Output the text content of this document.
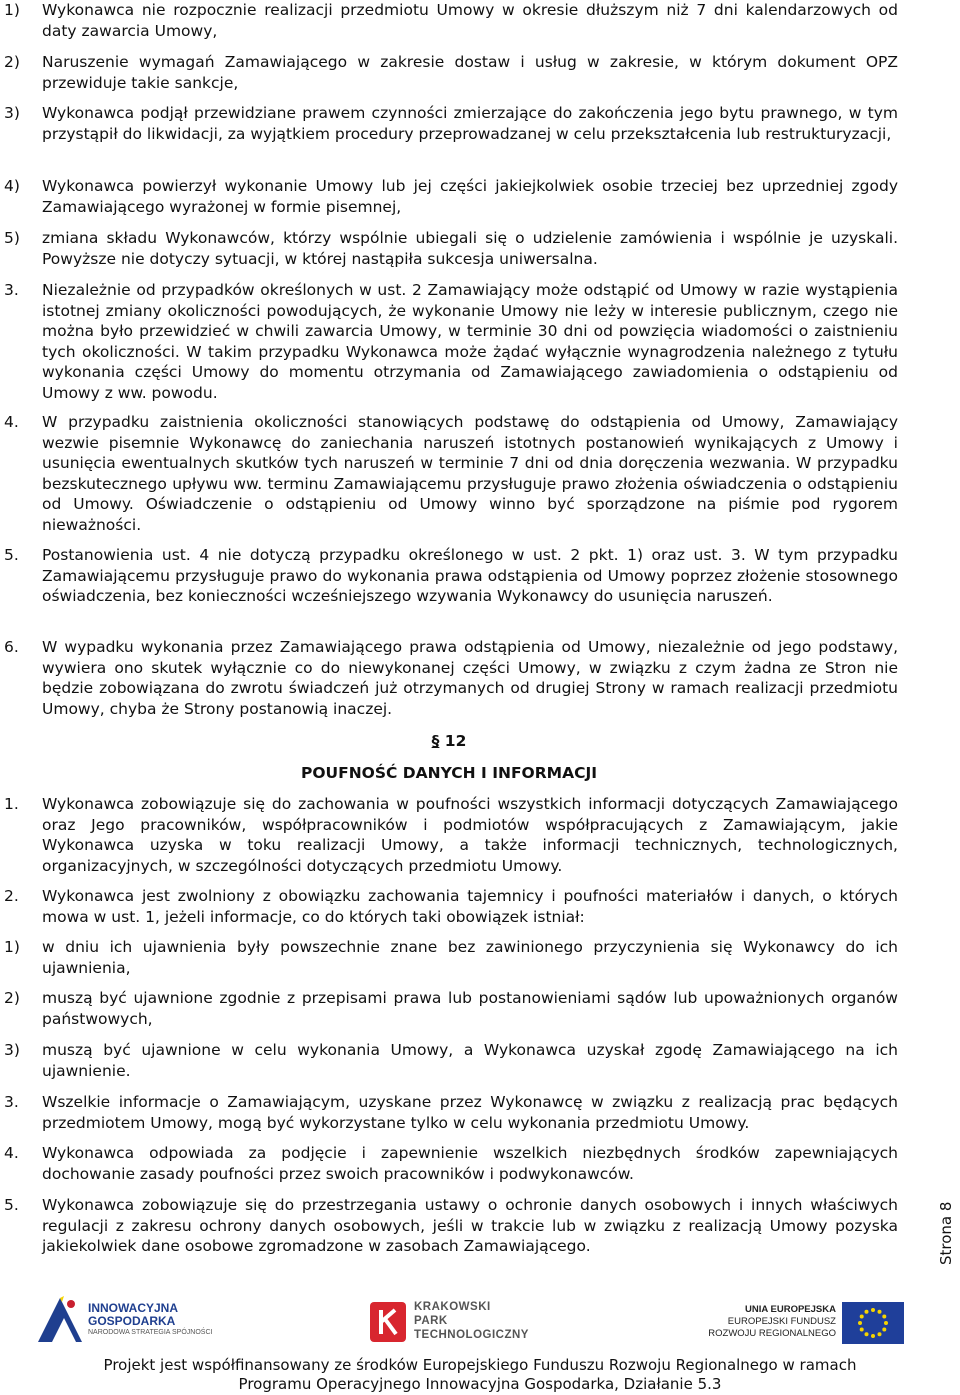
1) Wykonawca nie rozpocznie realizacji przedmiotu Umowy w okresie dłuższym niż 7 dni kalendarzowych od daty zawarcia Umowy,
2) Naruszenie wymagań Zamawiającego w zakresie dostaw i usług w zakresie, w którym dokument OPZ przewiduje takie sankcje,
3) Wykonawca podjął przewidziane prawem czynności zmierzające do zakończenia jego bytu prawnego, w tym przystąpił do likwidacji, za wyjątkiem procedury przeprowadzanej w celu przekształcenia lub restrukturyzacji,
4) Wykonawca powierzył wykonanie Umowy lub jej części jakiejkolwiek osobie trzeciej bez uprzedniej zgody Zamawiającego wyrażonej w formie pisemnej,
5) zmiana składu Wykonawców, którzy wspólnie ubiegali się o udzielenie zamówienia i wspólnie je uzyskali. Powyższe nie dotyczy sytuacji, w której nastąpiła sukcesja uniwersalna.
3. Niezależnie od przypadków określonych w ust. 2 Zamawiający może odstąpić od Umowy w razie wystąpienia istotnej zmiany okoliczności powodujących, że wykonanie Umowy nie leży w interesie publicznym, czego nie można było przewidzieć w chwili zawarcia Umowy, w terminie 30 dni od powzięcia wiadomości o zaistnieniu tych okoliczności. W takim przypadku Wykonawca może żądać wyłącznie wynagrodzenia należnego z tytułu wykonania części Umowy do momentu otrzymania od Zamawiającego zawiadomienia o odstąpieniu od Umowy z ww. powodu.
4. W przypadku zaistnienia okoliczności stanowiących podstawę do odstąpienia od Umowy, Zamawiający wezwie pisemnie Wykonawcę do zaniechania naruszeń istotnych postanowień wynikających z Umowy i usunięcia ewentualnych skutków tych naruszeń w terminie 7 dni od dnia doręczenia wezwania. W przypadku bezskutecznego upływu ww. terminu Zamawiającemu przysługuje prawo złożenia oświadczenia o odstąpieniu od Umowy. Oświadczenie o odstąpieniu od Umowy winno być sporządzone na piśmie pod rygorem nieważności.
5. Postanowienia ust. 4 nie dotyczą przypadku określonego w ust. 2 pkt. 1) oraz ust. 3. W tym przypadku Zamawiającemu przysługuje prawo do wykonania prawa odstąpienia od Umowy poprzez złożenie stosownego oświadczenia, bez konieczności wcześniejszego wzywania Wykonawcy do usunięcia naruszeń.
6. W wypadku wykonania przez Zamawiającego prawa odstąpienia od Umowy, niezależnie od jego podstawy, wywiera ono skutek wyłącznie co do niewykonanej części Umowy, w związku z czym żadna ze Stron nie będzie zobowiązana do zwrotu świadczeń już otrzymanych od drugiej Strony w ramach realizacji przedmiotu Umowy, chyba że Strony postanowią inaczej.
§ 12
POUFNOŚĆ DANYCH I INFORMACJI
1. Wykonawca zobowiązuje się do zachowania w poufności wszystkich informacji dotyczących Zamawiającego oraz Jego pracowników, współpracowników i podmiotów współpracujących z Zamawiającym, jakie Wykonawca uzyska w toku realizacji Umowy, a także informacji technicznych, technologicznych, organizacyjnych, w szczególności dotyczących przedmiotu Umowy.
2. Wykonawca jest zwolniony z obowiązku zachowania tajemnicy i poufności materiałów i danych, o których mowa w ust. 1, jeżeli informacje, co do których taki obowiązek istniał:
1) w dniu ich ujawnienia były powszechnie znane bez zawinionego przyczynienia się Wykonawcy do ich ujawnienia,
2) muszą być ujawnione zgodnie z przepisami prawa lub postanowieniami sądów lub upoważnionych organów państwowych,
3) muszą być ujawnione w celu wykonania Umowy, a Wykonawca uzyskał zgodę Zamawiającego na ich ujawnienie.
3. Wszelkie informacje o Zamawiającym, uzyskane przez Wykonawcę w związku z realizacją prac będących przedmiotem Umowy, mogą być wykorzystane tylko w celu wykonania przedmiotu Umowy.
4. Wykonawca odpowiada za podjęcie i zapewnienie wszelkich niezbędnych środków zapewniających dochowanie zasady poufności przez swoich pracowników i podwykonawców.
5. Wykonawca zobowiązuje się do przestrzegania ustawy o ochronie danych osobowych i innych właściwych regulacji z zakresu ochrony danych osobowych, jeśli w trakcie lub w związku z realizacją Umowy pozyska jakiekolwiek dane osobowe zgromadzone w zasobach Zamawiającego.	Strona 8
INNOWACYJNA
GOSPODARKA
NARODOWA STRATEGIA SPÓJNOŚCI
KRAKOWSKI
PARK
TECHNOLOGICZNY
UNIA EUROPEJSKA
EUROPEJSKI FUNDUSZ
ROZWOJU REGIONALNEGO
Projekt jest współfinansowany ze środków Europejskiego Funduszu Rozwoju Regionalnego w ramach
Programu Operacyjnego Innowacyjna Gospodarka, Działanie 5.3
